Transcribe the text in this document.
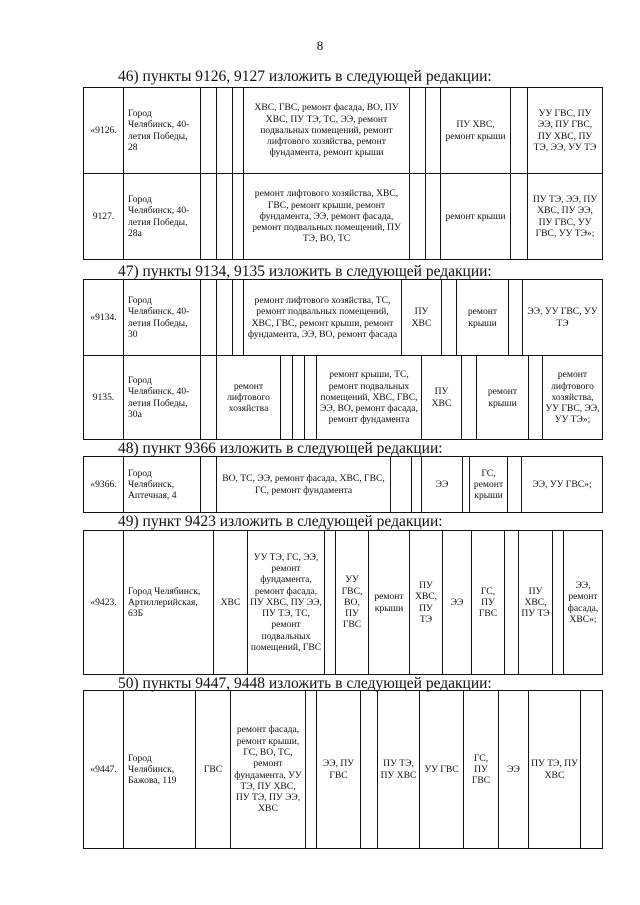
8
46) пункты 9126, 9127 изложить в следующей редакции:
«9126.	Город Челябинск, 40-летия Победы, 28				ХВС, ГВС, ремонт фасада, ВО, ПУ ХВС, ПУ ТЭ, ТС, ЭЭ, ремонт подвальных помещений, ремонт лифтового хозяйства, ремонт фундамента, ремонт крыши			ПУ ХВС, ремонт крыши		УУ ГВС, ПУ ЭЭ, ПУ ГВС, ПУ ХВС, ПУ ТЭ, ЭЭ, УУ ТЭ
9127.	Город Челябинск, 40-летия Победы, 28а				ремонт лифтового хозяйства, ХВС, ГВС, ремонт крыши, ремонт фундамента, ЭЭ, ремонт фасада, ремонт подвальных помещений, ПУ ТЭ, ВО, ТС			ремонт крыши		ПУ ТЭ, ЭЭ, ПУ ХВС, ПУ ЭЭ, ПУ ГВС, УУ ГВС, УУ ТЭ»;
47) пункты 9134, 9135 изложить в следующей редакции:
«9134.	Город Челябинск, 40-летия Победы, 30				ремонт лифтового хозяйства, ТС, ремонт подвальных помещений, ХВС, ГВС, ремонт крыши, ремонт фундамента, ЭЭ, ВО, ремонт фасада	ПУ ХВС		ремонт крыши		ЭЭ, УУ ГВС, УУ ТЭ
9135.	Город Челябинск, 40-летия Победы, 30а		ремонт лифтового хозяйства				ремонт крыши, ТС, ремонт подвальных помещений, ХВС, ГВС, ЭЭ, ВО, ремонт фасада, ремонт фундамента	ПУ ХВС		ремонт крыши		ремонт лифтового хозяйства, УУ ГВС, ЭЭ, УУ ТЭ»;
48) пункт 9366 изложить в следующей редакции:
«9366.	Город Челябинск, Аптечная, 4		ВО, ТС, ЭЭ, ремонт фасада, ХВС, ГВС, ГС, ремонт фундамента			ЭЭ		ГС, ремонт крыши		ЭЭ, УУ ГВС»;
49) пункт 9423 изложить в следующей редакции:
«9423.	Город Челябинск, Артиллерийская, 63Б	ХВС	УУ ТЭ, ГС, ЭЭ, ремонт фундамента, ремонт фасада, ПУ ХВС, ПУ ЭЭ, ПУ ТЭ, ТС, ремонт подвальных помещений, ГВС		УУ ГВС, ВО, ПУ ГВС	ремонт крыши	ПУ ХВС, ПУ ТЭ	ЭЭ	ГС, ПУ ГВС		ПУ ХВС, ПУ ТЭ		ЭЭ, ремонт фасада, ХВС»;
50) пункты 9447, 9448 изложить в следующей редакции:
«9447.	Город Челябинск, Бажова, 119	ГВС	ремонт фасада, ремонт крыши, ГС, ВО, ТС, ремонт фундамента, УУ ТЭ, ПУ ХВС, ПУ ТЭ, ПУ ЭЭ, ХВС		ЭЭ, ПУ ГВС		ПУ ТЭ, ПУ ХВС	УУ ГВС	ГС, ПУ ГВС	ЭЭ	ПУ ТЭ, ПУ ХВС	
